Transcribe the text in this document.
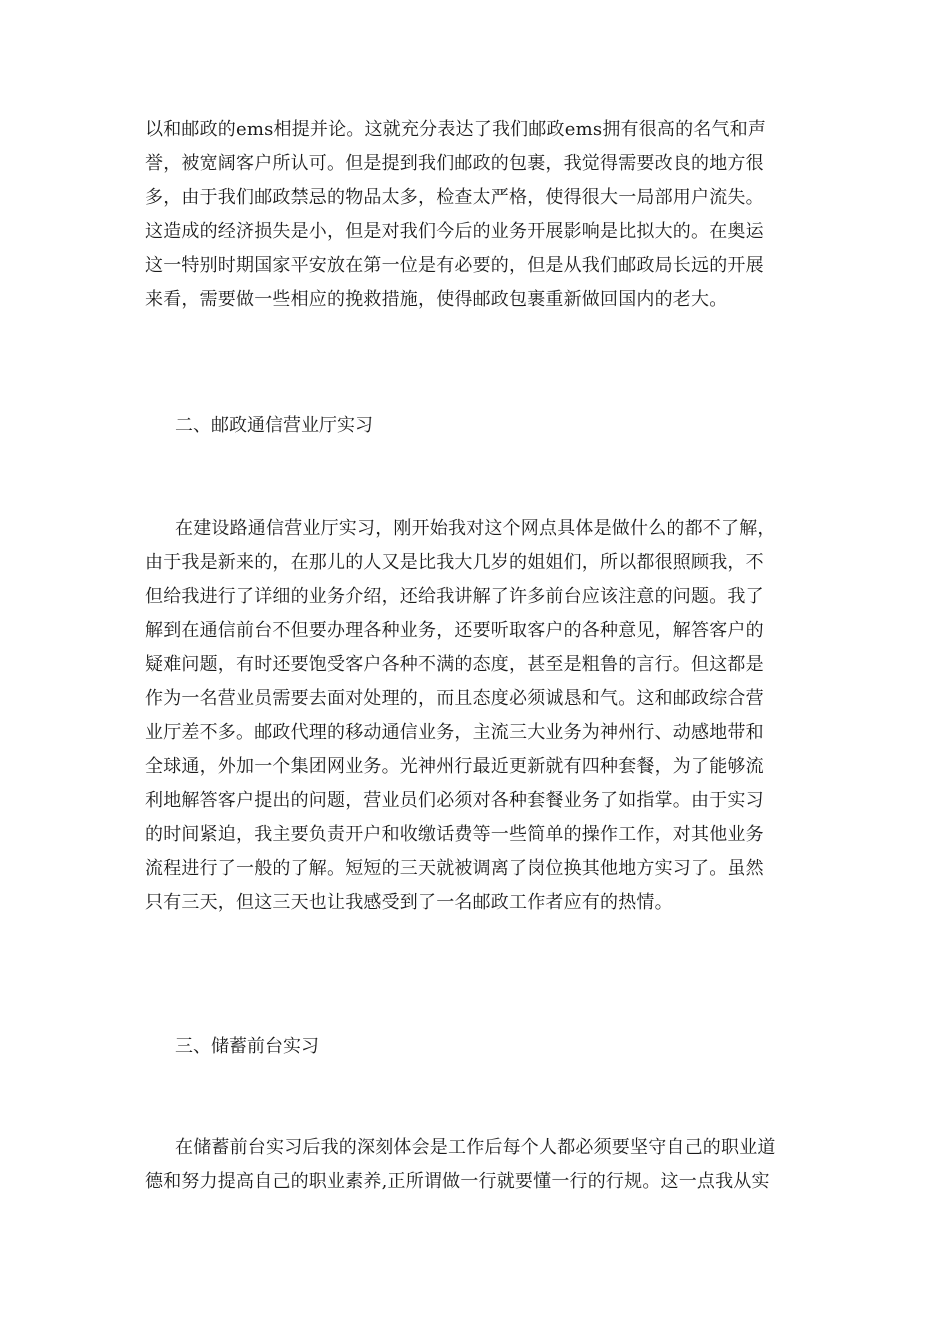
以和邮政的ems相提并论。这就充分表达了我们邮政ems拥有很高的名气和声
誉，被宽阔客户所认可。但是提到我们邮政的包裹，我觉得需要改良的地方很
多，由于我们邮政禁忌的物品太多，检查太严格，使得很大一局部用户流失。
这造成的经济损失是小，但是对我们今后的业务开展影响是比拟大的。在奥运
这一特别时期国家平安放在第一位是有必要的，但是从我们邮政局长远的开展
来看，需要做一些相应的挽救措施，使得邮政包裹重新做回国内的老大。
二、邮政通信营业厅实习
在建设路通信营业厅实习，刚开始我对这个网点具体是做什么的都不了解，
由于我是新来的，在那儿的人又是比我大几岁的姐姐们，所以都很照顾我，不
但给我进行了详细的业务介绍，还给我讲解了许多前台应该注意的问题。我了
解到在通信前台不但要办理各种业务，还要听取客户的各种意见，解答客户的
疑难问题，有时还要饱受客户各种不满的态度，甚至是粗鲁的言行。但这都是
作为一名营业员需要去面对处理的，而且态度必须诚恳和气。这和邮政综合营
业厅差不多。邮政代理的移动通信业务，主流三大业务为神州行、动感地带和
全球通，外加一个集团网业务。光神州行最近更新就有四种套餐，为了能够流
利地解答客户提出的问题，营业员们必须对各种套餐业务了如指掌。由于实习
的时间紧迫，我主要负责开户和收缴话费等一些简单的操作工作，对其他业务
流程进行了一般的了解。短短的三天就被调离了岗位换其他地方实习了。虽然
只有三天，但这三天也让我感受到了一名邮政工作者应有的热情。
三、储蓄前台实习
在储蓄前台实习后我的深刻体会是工作后每个人都必须要坚守自己的职业道
德和努力提高自己的职业素养,正所谓做一行就要懂一行的行规。这一点我从实
